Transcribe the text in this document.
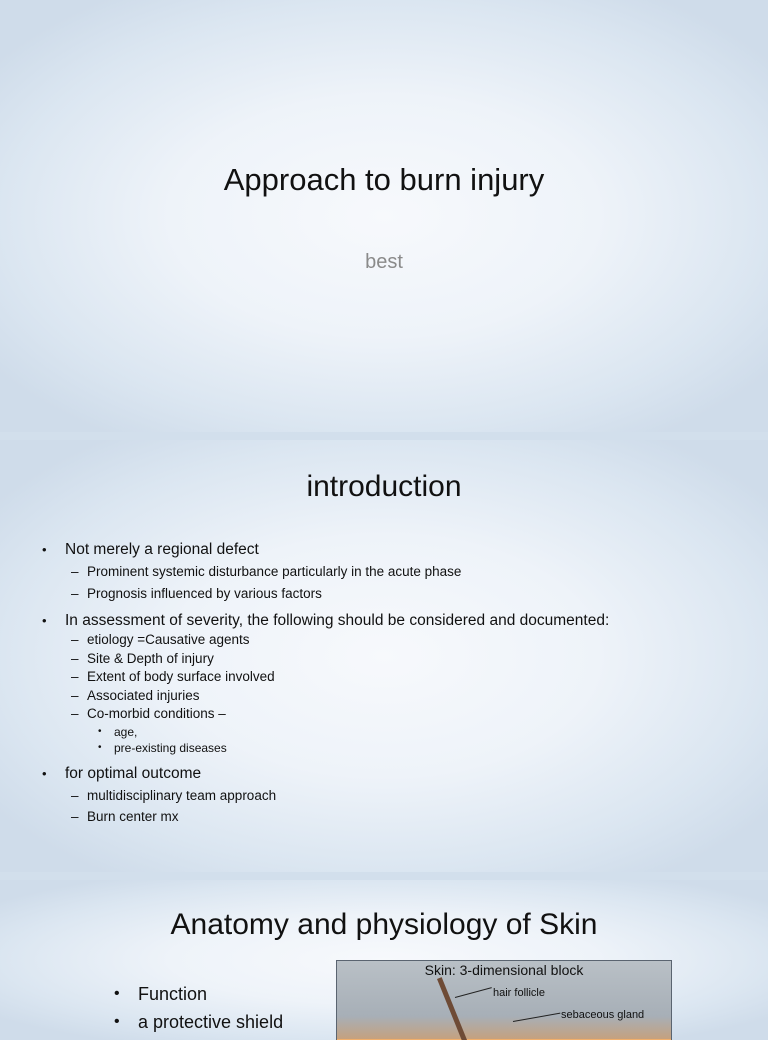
Approach to burn injury
best
introduction
• Not merely a regional defect
– Prominent systemic disturbance particularly in the acute phase
– Prognosis influenced by various factors
• In assessment of severity, the following should be considered and documented:
– etiology =Causative agents
– Site & Depth of injury
– Extent of body surface involved
– Associated injuries
– Co-morbid conditions –
• age,
• pre-existing diseases
• for optimal outcome
– multidisciplinary team approach
– Burn center mx
Anatomy and physiology of Skin
• Function
• a protective shield
Skin: 3-dimensional block
hair follicle
sebaceous gland
